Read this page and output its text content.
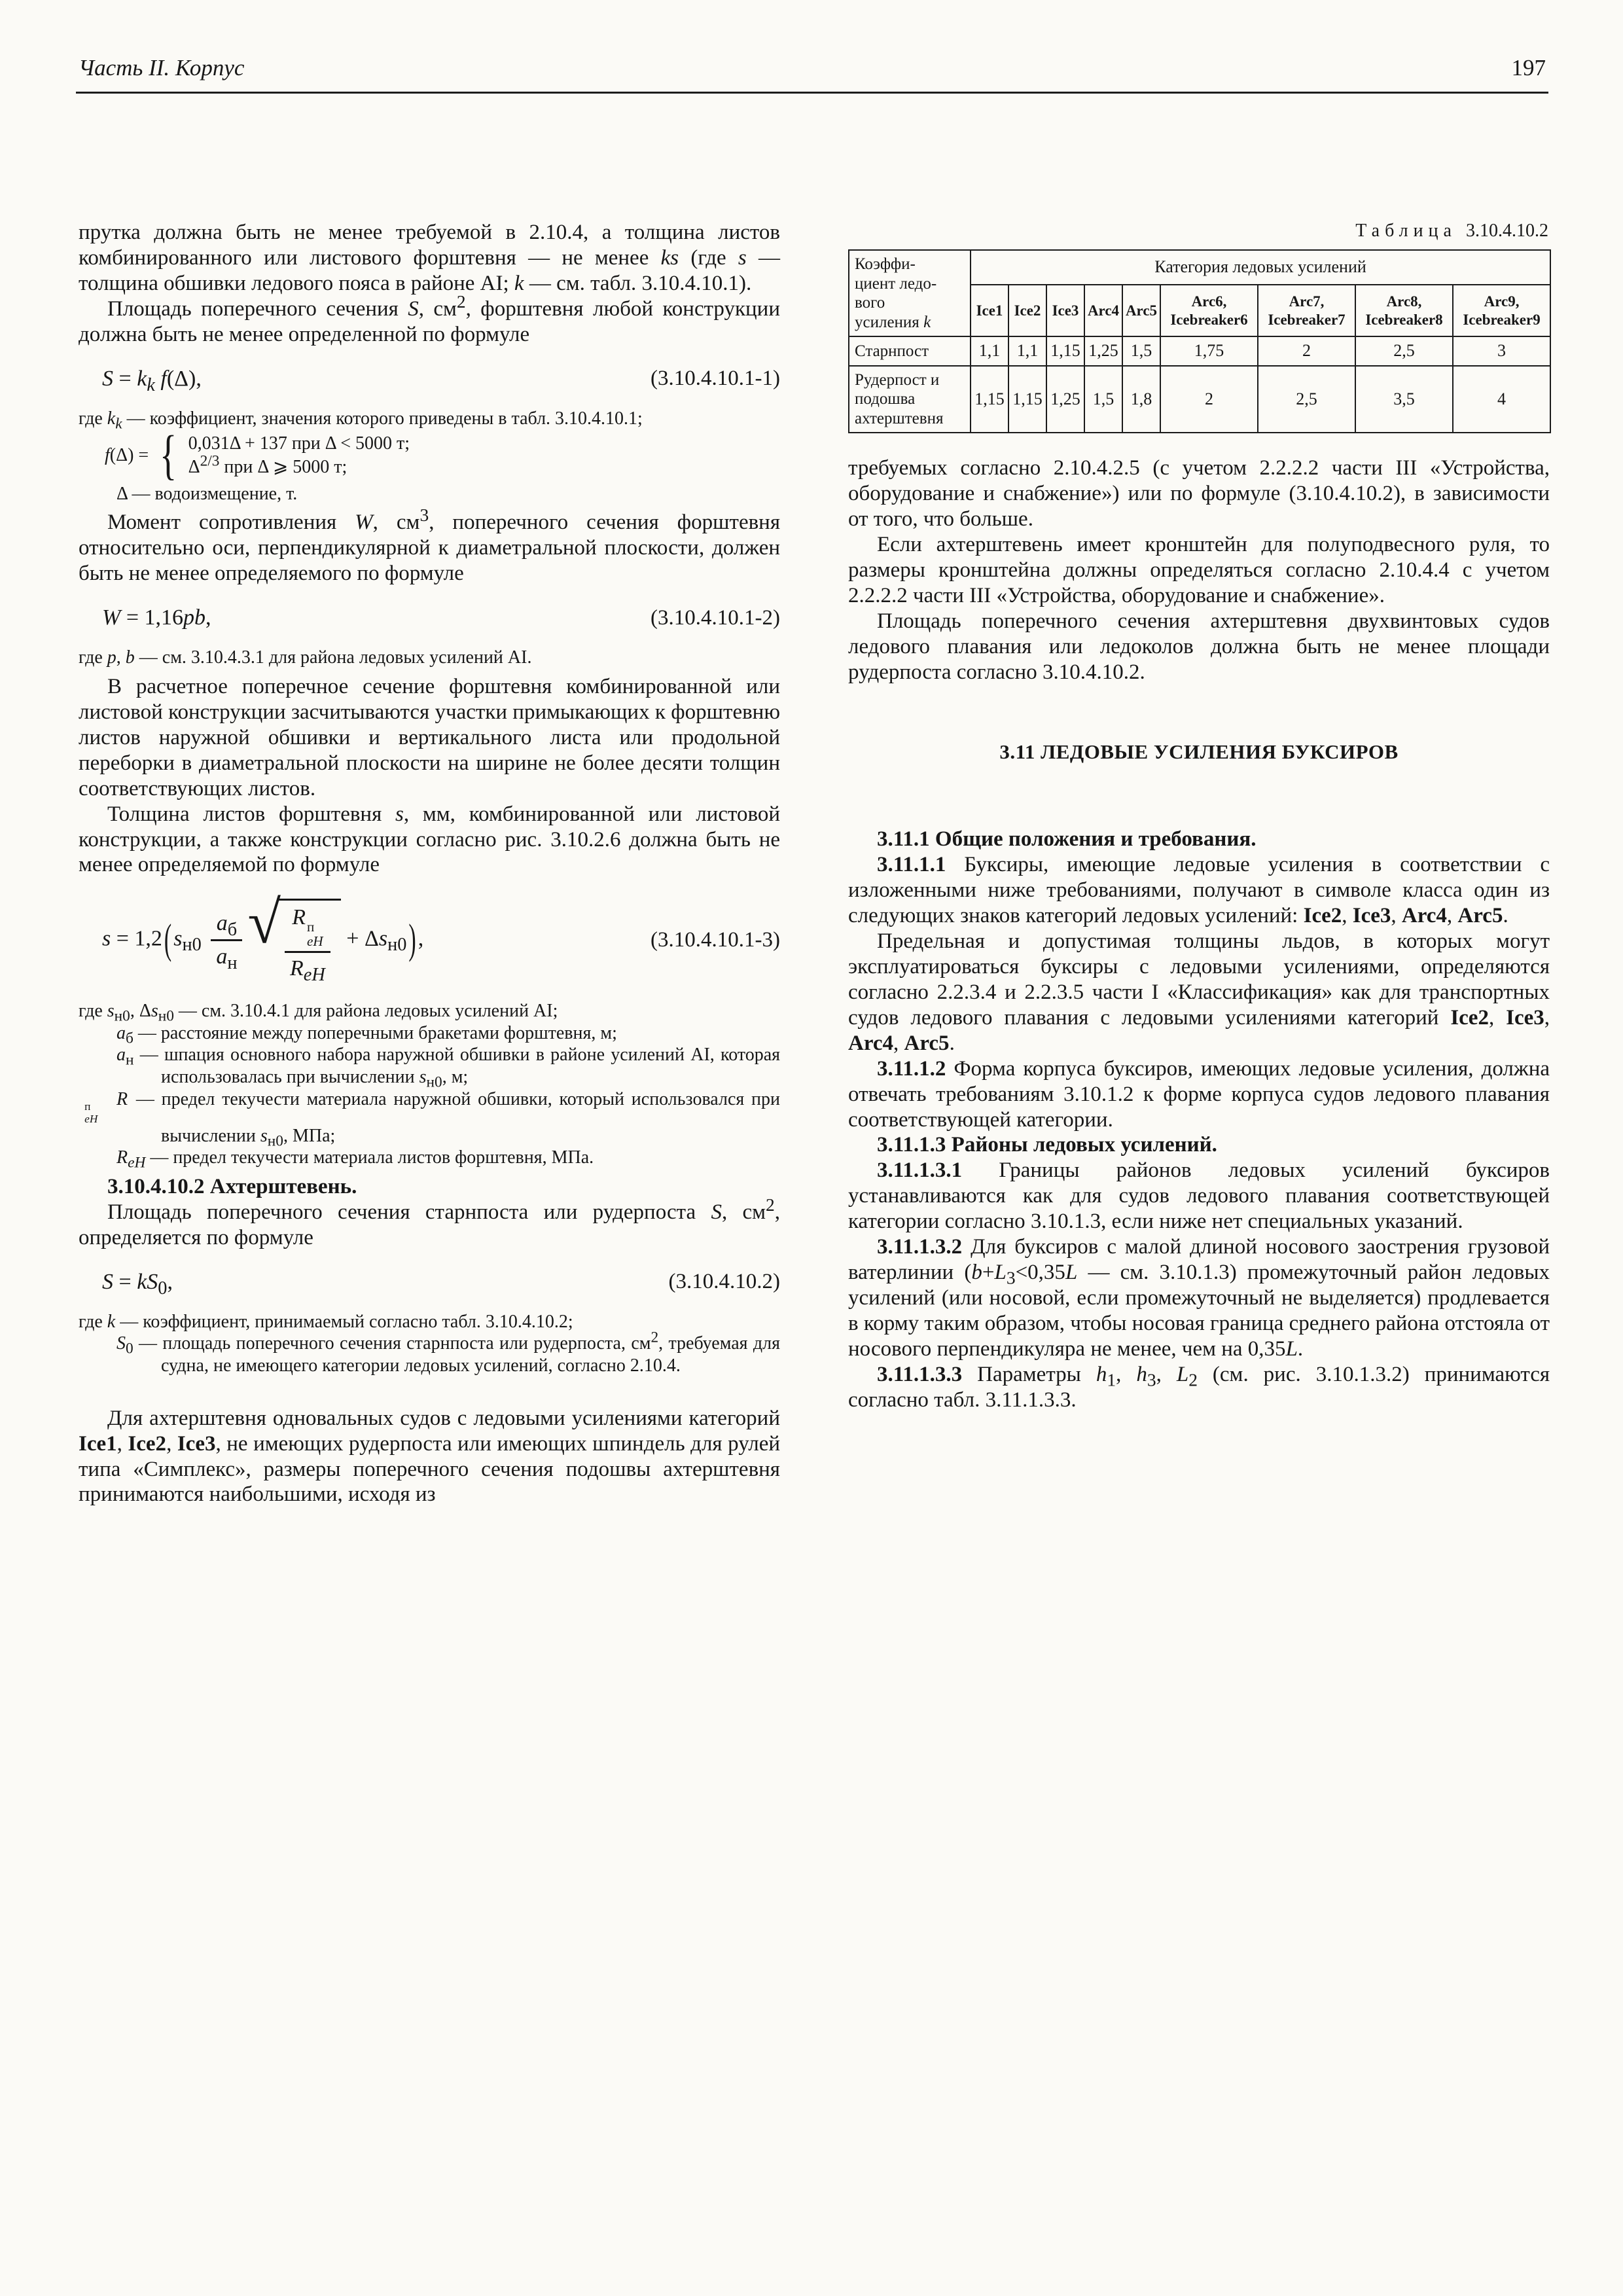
Часть II. Корпус	197

прутка должна быть не менее требуемой в 2.10.4, а толщина листов комбинированного или листового форштевня — не менее ks (где s — толщина обшивки ледового пояса в районе AI; k — см. табл. 3.10.4.10.1).

Площадь поперечного сечения S, $см^2$, форштевня любой конструкции должна быть не менее определенной по формуле

$S = k_k$ f(Δ),	(3.10.4.10.1-1)

где $k_k$ — коэффициент, значения которого приведены в табл. 3.10.4.10.1;

f(Δ) = { 0,031Δ + 137 при Δ < 5000 т;
$\Delta^{2/3}$ при Δ ⩾ 5000 т;

Δ — водоизмещение, т.

Момент сопротивления W, $см^3$, поперечного сечения форштевня относительно оси, перпендикулярной к диаметральной плоскости, должен быть не менее определяемого по формуле

W = 1,16pb,	(3.10.4.10.1-2)

где p, b — см. 3.10.4.3.1 для района ледовых усилений AI.

В расчетное поперечное сечение форштевня комбинированной или листовой конструкции засчитываются участки примыкающих к форштевню листов наружной обшивки и вертикального листа или продольной переборки в диаметральной плоскости на ширине не более десяти толщин соответствующих листов.

Толщина листов форштевня s, мм, комбинированной или листовой конструкции, а также конструкции согласно рис. 3.10.2.6 должна быть не менее определяемой по формуле

$s = 1,2(s_{н0} \frac{a_б}{a_н}$ √ R п
eH
$R_{eH} + \Delta s_{н0}$),	(3.10.4.10.1-3)

где $s_{н0}$, $\Delta s_{н0}$ — см. 3.10.4.1 для района ледовых усилений AI;

$a_б$ — расстояние между поперечными бракетами форштевня, м;

$a_н$ — шпация основного набора наружной обшивки в районе усилений AI, которая использовалась при вычислении $s_{н0}$, м;

R
п
eH
— предел текучести материала наружной обшивки, который использовался при вычислении $s_{н0}$, МПа;

$R_{eH}$ — предел текучести материала листов форштевня, МПа.

3.10.4.10.2 Ахтерштевень.

Площадь поперечного сечения старнпоста или рудерпоста S, $см^2$, определяется по формуле

$S = kS_0$,	(3.10.4.10.2)

где k — коэффициент, принимаемый согласно табл. 3.10.4.10.2;

$S_0$ — площадь поперечного сечения старнпоста или рудерпоста, $см^2$, требуемая для судна, не имеющего категории ледовых усилений, согласно 2.10.4.

Для ахтерштевня одновальных судов с ледовыми усилениями категорий Ice1, Ice2, Ice3, не имеющих рудерпоста или имеющих шпиндель для рулей типа «Симплекс», размеры поперечного сечения подошвы ахтерштевня принимаются наибольшими, исходя из

Таблица 3.10.4.10.2
Коэффи-
циент ледо-
вого
усиления k	Категория ледовых усилений								
	Ice1	Ice2	Ice3	Arc4	Arc5	Arc6,
Icebreaker6	Arc7,
Icebreaker7	Arc8,
Icebreaker8	Arc9,
Icebreaker9
Старнпост	1,1	1,1	1,15	1,25	1,5	1,75	2	2,5	3
Рудерпост и
подошва
ахтерштевня	1,15	1,15	1,25	1,5	1,8	2	2,5	3,5	4

требуемых согласно 2.10.4.2.5 (с учетом 2.2.2.2 части III «Устройства, оборудование и снабжение») или по формуле (3.10.4.10.2), в зависимости от того, что больше.

Если ахтерштевень имеет кронштейн для полуподвесного руля, то размеры кронштейна должны определяться согласно 2.10.4.4 с учетом 2.2.2.2 части III «Устройства, оборудование и снабжение».

Площадь поперечного сечения ахтерштевня двухвинтовых судов ледового плавания или ледоколов должна быть не менее площади рудерпоста согласно 3.10.4.10.2.

3.11 ЛЕДОВЫЕ УСИЛЕНИЯ БУКСИРОВ

3.11.1 Общие положения и требования.

3.11.1.1 Буксиры, имеющие ледовые усиления в соответствии с изложенными ниже требованиями, получают в символе класса один из следующих знаков категорий ледовых усилений: Ice2, Ice3, Arc4, Arc5.

Предельная и допустимая толщины льдов, в которых могут эксплуатироваться буксиры с ледовыми усилениями, определяются согласно 2.2.3.4 и 2.2.3.5 части I «Классификация» как для транспортных судов ледового плавания с ледовыми усилениями категорий Ice2, Ice3, Arc4, Arc5.

3.11.1.2 Форма корпуса буксиров, имеющих ледовые усиления, должна отвечать требованиям 3.10.1.2 к форме корпуса судов ледового плавания соответствующей категории.

3.11.1.3 Районы ледовых усилений.

3.11.1.3.1 Границы районов ледовых усилений буксиров устанавливаются как для судов ледового плавания соответствующей категории согласно 3.10.1.3, если ниже нет специальных указаний.

3.11.1.3.2 Для буксиров с малой длиной носового заострения грузовой ватерлинии ($b+L_3<0,35L$ — см. 3.10.1.3) промежуточный район ледовых усилений (или носовой, если промежуточный не выделяется) продлевается в корму таким образом, чтобы носовая граница среднего района отстояла от носового перпендикуляра не менее, чем на 0,35L.

3.11.1.3.3 Параметры $h_1$, $h_3$, $L_2$ (см. рис. 3.10.1.3.2) принимаются согласно табл. 3.11.1.3.3.
